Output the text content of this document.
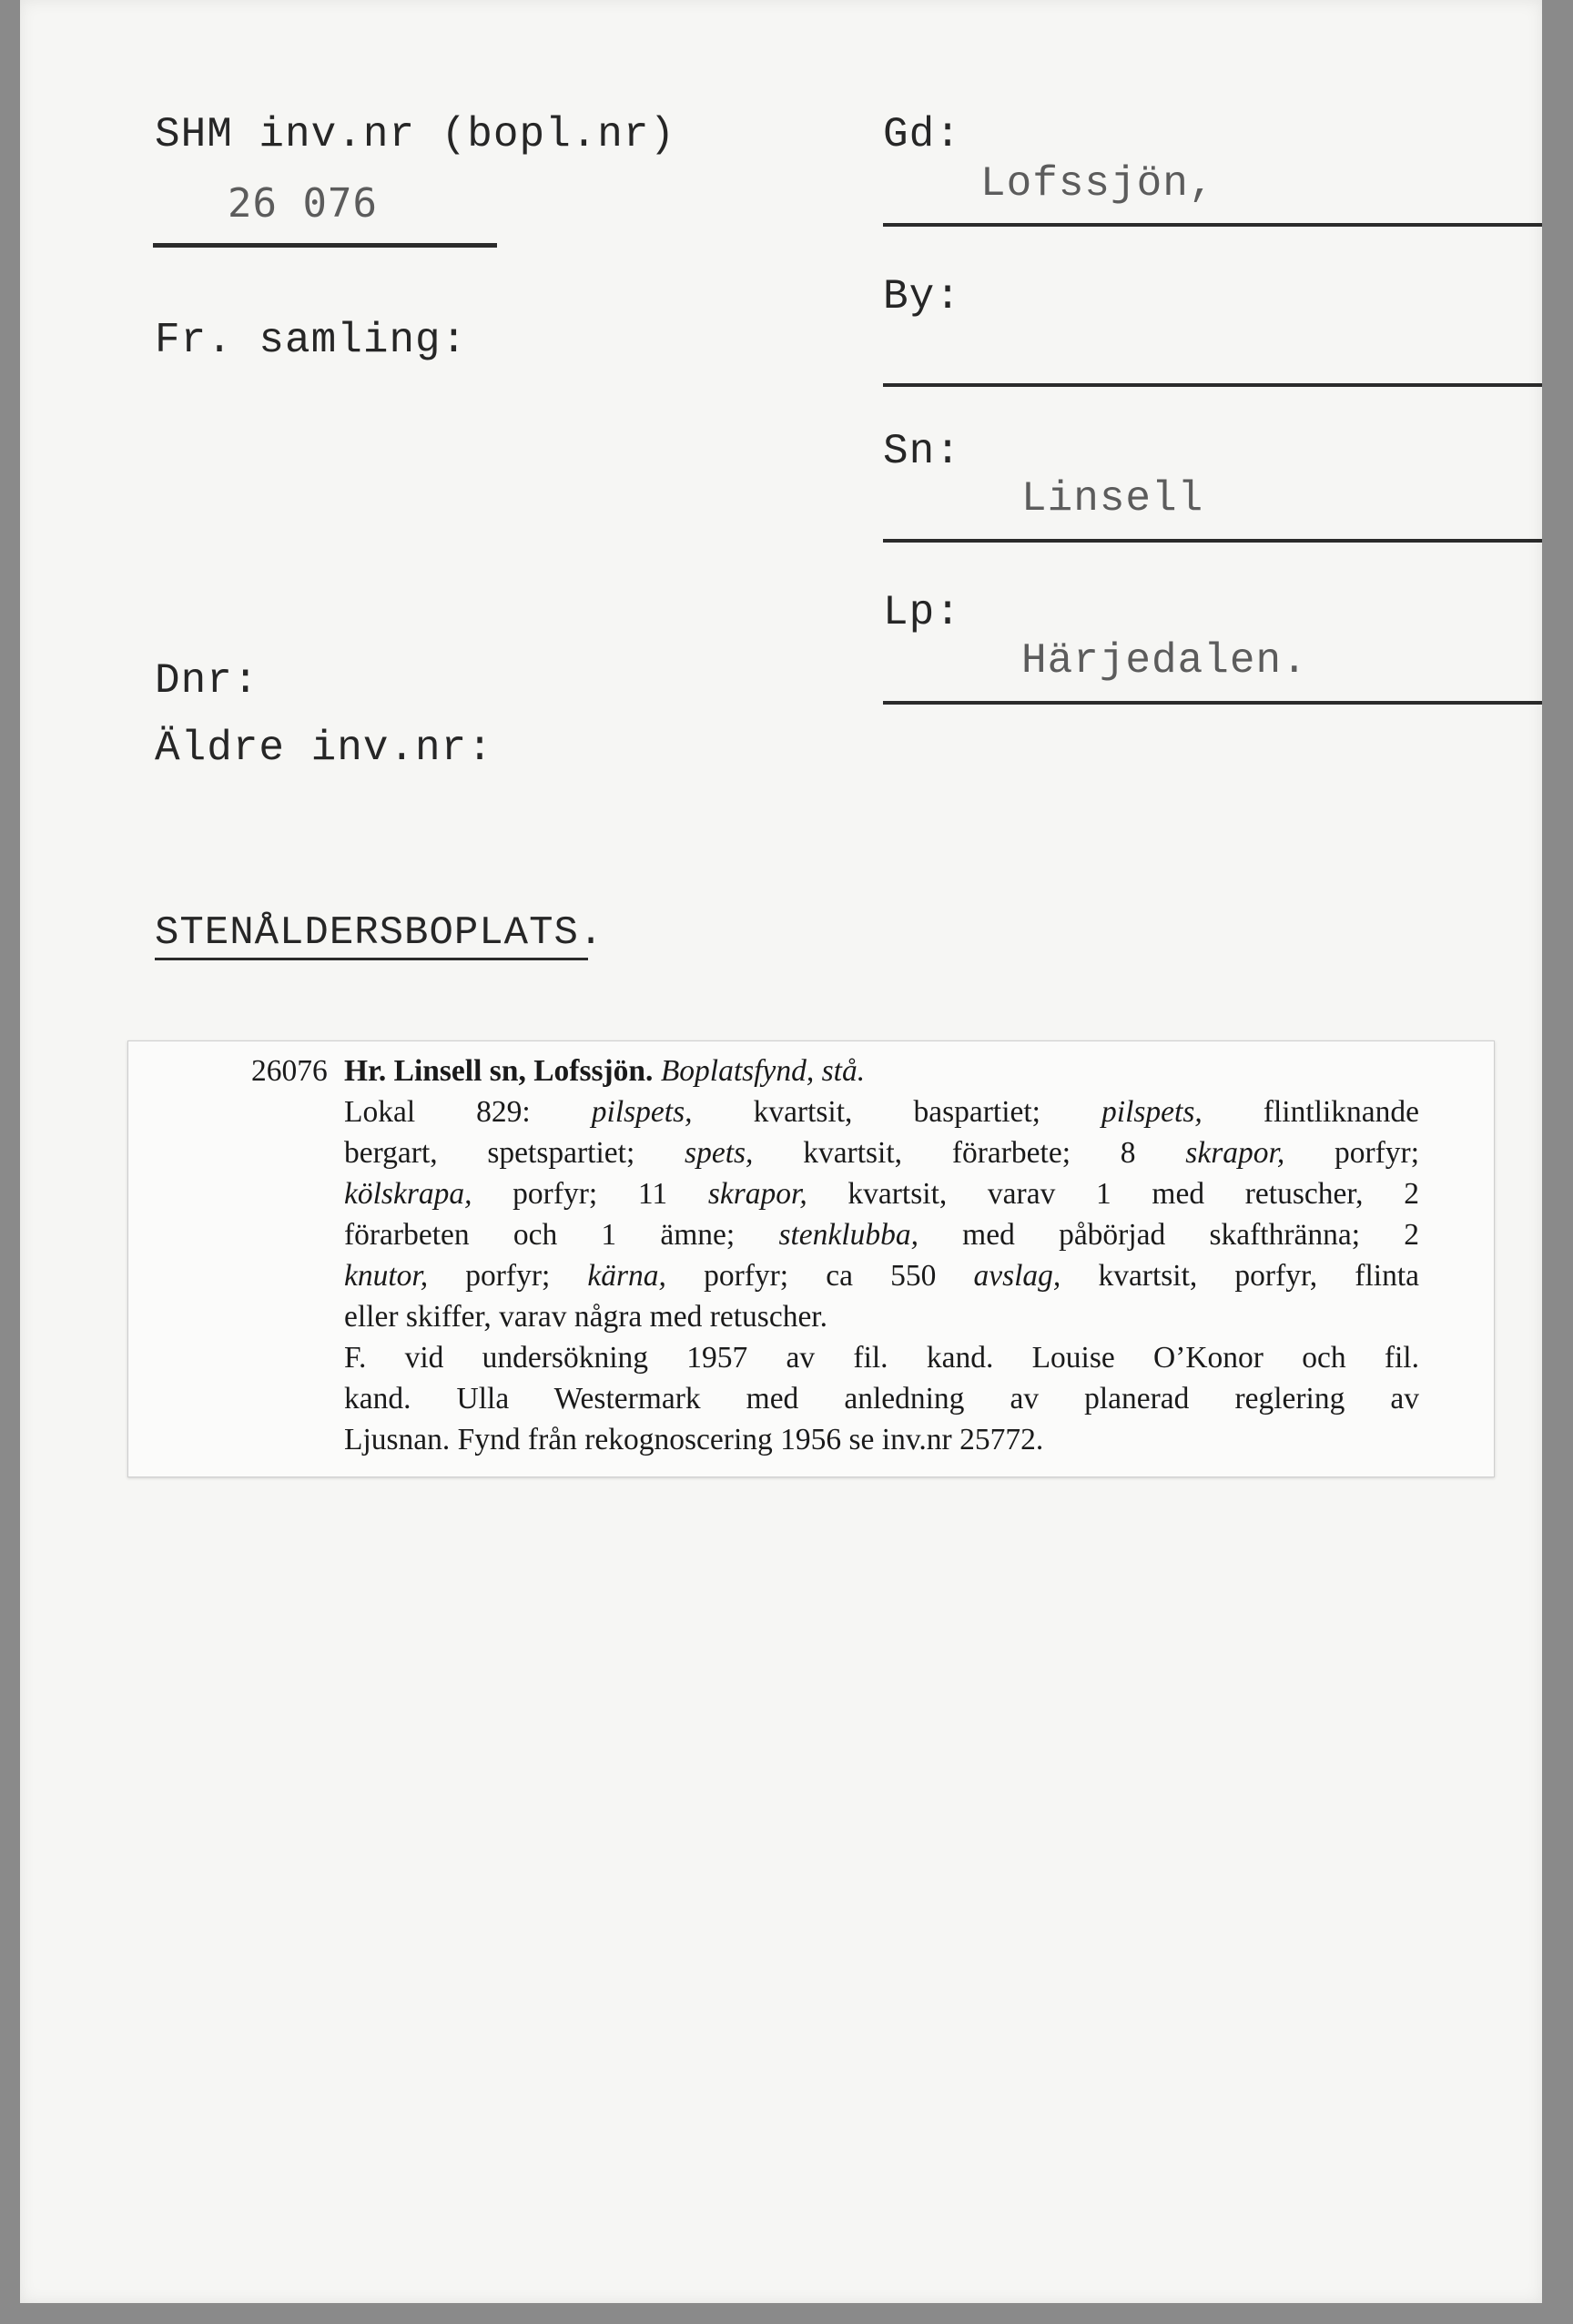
SHM inv.nr (bopl.nr)
26 076
Fr. samling:
Dnr:
Äldre inv.nr:
Gd:
Lofssjön,
By:
Sn:
Linsell
Lp:
Härjedalen.
STENÅLDERSBOPLATS.

26076 Hr. Linsell sn, Lofssjön. Boplatsfynd, stå.

Lokal 829: pilspets, kvartsit, baspartiet; pilspets, flintliknande

bergart, spetspartiet; spets, kvartsit, förarbete; 8 skrapor, porfyr;

kölskrapa, porfyr; 11 skrapor, kvartsit, varav 1 med retuscher, 2

förarbeten och 1 ämne; stenklubba, med påbörjad skafthränna; 2

knutor, porfyr; kärna, porfyr; ca 550 avslag, kvartsit, porfyr, flinta

eller skiffer, varav några med retuscher.

F. vid undersökning 1957 av fil. kand. Louise O’Konor och fil.

kand. Ulla Westermark med anledning av planerad reglering av

Ljusnan. Fynd från rekognoscering 1956 se inv.nr 25772.
